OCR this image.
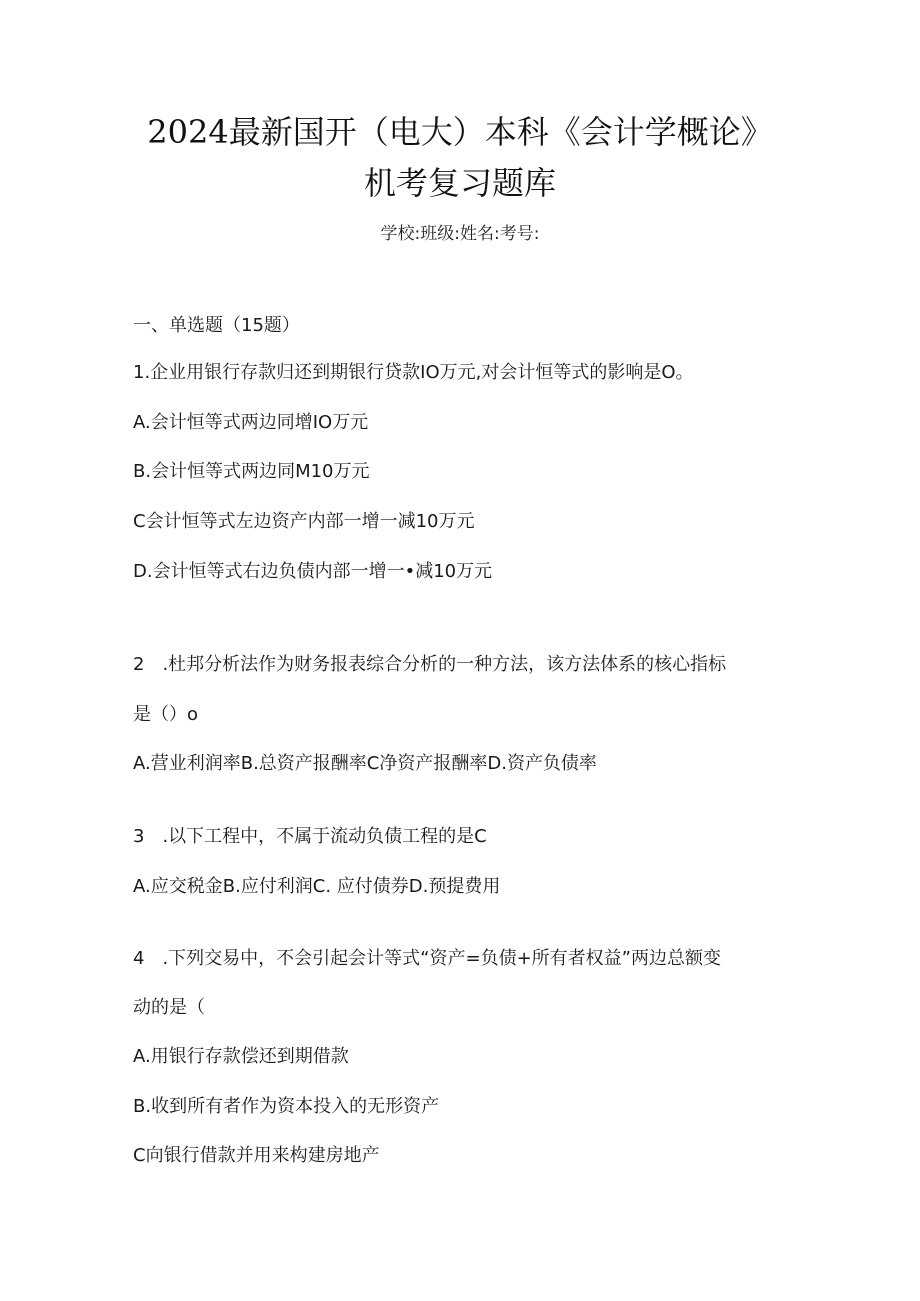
2024最新国开（电大）本科《会计学概论》
机考复习题库
学校:班级:姓名:考号:
一、单选题（15题）
1.企业用银行存款归还到期银行贷款IO万元,对会计恒等式的影响是O。
A.会计恒等式两边同增IO万元
B.会计恒等式两边同M10万元
C会计恒等式左边资产内部一增一减10万元
D.会计恒等式右边负债内部一增一•减10万元
2　.杜邦分析法作为财务报表综合分析的一种方法，该方法体系的核心指标
是（）o
A.营业利润率B.总资产报酬率C净资产报酬率D.资产负债率
3　.以下工程中，不属于流动负债工程的是C
A.应交税金B.应付利润C. 应付债券D.预提费用
4　.下列交易中，不会引起会计等式“资产=负债+所有者权益”两边总额变
动的是（
A.用银行存款偿还到期借款
B.收到所有者作为资本投入的无形资产
C向银行借款并用来构建房地产
